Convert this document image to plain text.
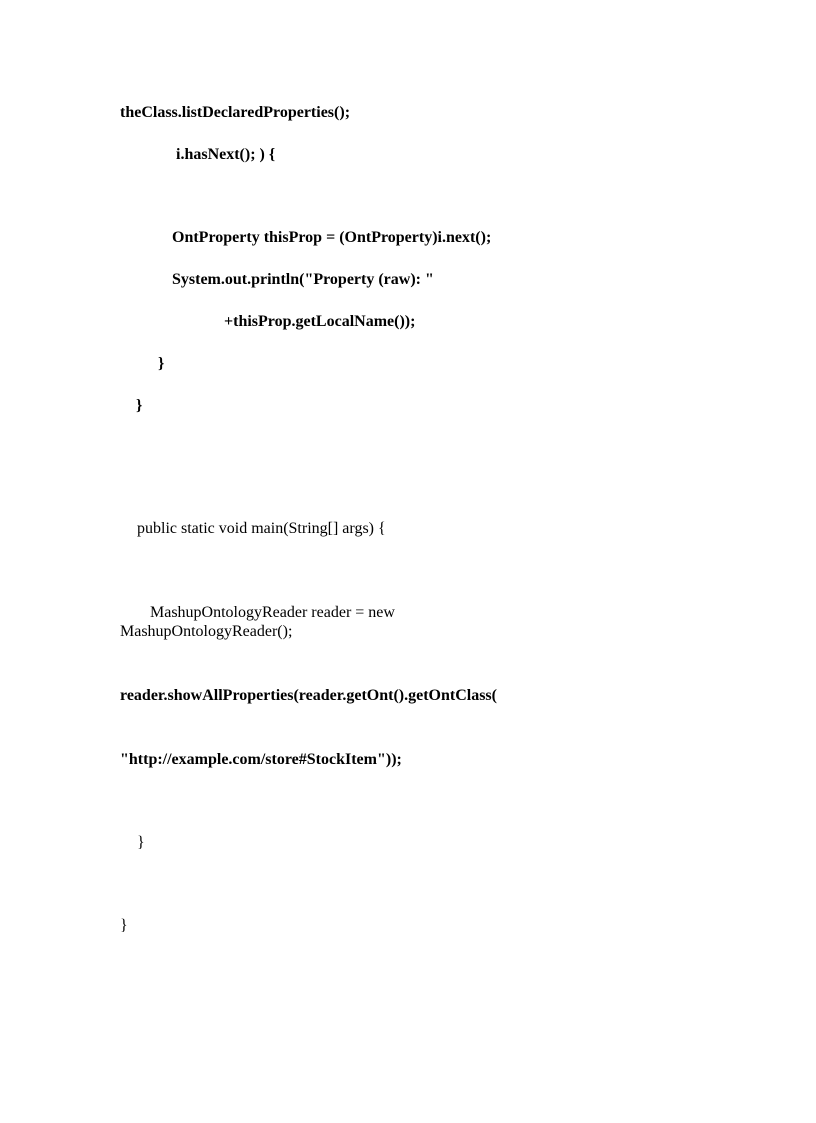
theClass.listDeclaredProperties();
i.hasNext(); ) {
OntProperty thisProp = (OntProperty)i.next();
System.out.println("Property (raw): "
+thisProp.getLocalName());
}
}
public static void main(String[] args) {
MashupOntologyReader reader = new
MashupOntologyReader();
reader.showAllProperties(reader.getOnt().getOntClass(
"http://example.com/store#StockItem"));
}
}
